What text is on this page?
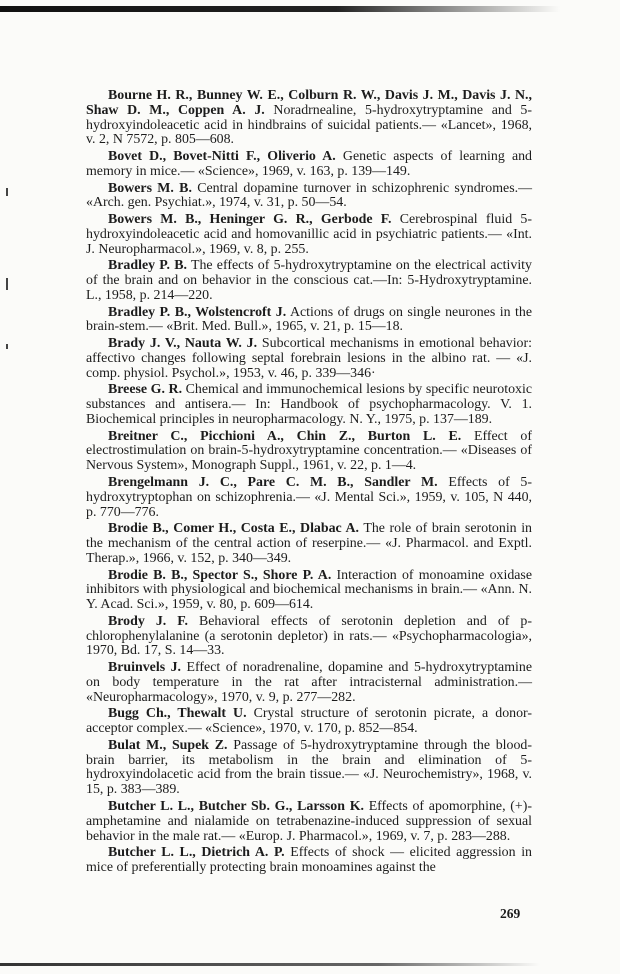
Bourne H. R., Bunney W. E., Colburn R. W., Davis J. M., Davis J. N., Shaw D. M., Coppen A. J. Noradrnealine, 5-hydroxytryptamine and 5-hydroxyindoleacetic acid in hindbrains of suicidal patients.— «Lancet», 1968, v. 2, N 7572, p. 805—608.

Bovet D., Bovet-Nitti F., Oliverio A. Genetic aspects of learning and memory in mice.— «Science», 1969, v. 163, p. 139—149.

Bowers M. B. Central dopamine turnover in schizophrenic syndromes.— «Arch. gen. Psychiat.», 1974, v. 31, p. 50—54.

Bowers M. B., Heninger G. R., Gerbode F. Cerebrospinal fluid 5-hydroxyindoleacetic acid and homovanillic acid in psychiatric patients.— «Int. J. Neuropharmacol.», 1969, v. 8, p. 255.

Bradley P. B. The effects of 5-hydroxytryptamine on the electrical activity of the brain and on behavior in the conscious cat.—In: 5-Hydroxytryptamine. L., 1958, p. 214—220.

Bradley P. B., Wolstencroft J. Actions of drugs on single neurones in the brain-stem.— «Brit. Med. Bull.», 1965, v. 21, p. 15—18.

Brady J. V., Nauta W. J. Subcortical mechanisms in emotional behavior: affectivo changes following septal forebrain lesions in the albino rat. — «J. comp. physiol. Psychol.», 1953, v. 46, p. 339—346·

Breese G. R. Chemical and immunochemical lesions by specific neurotoxic substances and antisera.— In: Handbook of psychopharmacology. V. 1. Biochemical principles in neuropharmacology. N. Y., 1975, p. 137—189.

Breitner C., Picchioni A., Chin Z., Burton L. E. Effect of electrostimulation on brain-5-hydroxytryptamine concentration.— «Diseases of Nervous System», Monograph Suppl., 1961, v. 22, p. 1—4.

Brengelmann J. C., Pare C. M. B., Sandler M. Effects of 5-hydroxytryptophan on schizophrenia.— «J. Mental Sci.», 1959, v. 105, N 440, p. 770—776.

Brodie B., Comer H., Costa E., Dlabac A. The role of brain serotonin in the mechanism of the central action of reserpine.— «J. Pharmacol. and Exptl. Therap.», 1966, v. 152, p. 340—349.

Brodie B. B., Spector S., Shore P. A. Interaction of monoamine oxidase inhibitors with physiological and biochemical mechanisms in brain.— «Ann. N. Y. Acad. Sci.», 1959, v. 80, p. 609—614.

Brody J. F. Behavioral effects of serotonin depletion and of p-chlorophenylalanine (a serotonin depletor) in rats.— «Psychopharmacologia», 1970, Bd. 17, S. 14—33.

Bruinvels J. Effect of noradrenaline, dopamine and 5-hydroxytryptamine on body temperature in the rat after intracisternal administration.— «Neuropharmacology», 1970, v. 9, p. 277—282.

Bugg Ch., Thewalt U. Crystal structure of serotonin picrate, a donor-acceptor complex.— «Science», 1970, v. 170, p. 852—854.

Bulat M., Supek Z. Passage of 5-hydroxytryptamine through the blood-brain barrier, its metabolism in the brain and elimination of 5-hydroxyindolacetic acid from the brain tissue.— «J. Neurochemistry», 1968, v. 15, p. 383—389.

Butcher L. L., Butcher Sb. G., Larsson K. Effects of apomorphine, (+)-amphetamine and nialamide on tetrabenazine-induced suppression of sexual behavior in the male rat.— «Europ. J. Pharmacol.», 1969, v. 7, p. 283—288.

Butcher L. L., Dietrich A. P. Effects of shock — elicited aggression in mice of preferentially protecting brain monoamines against the

269
